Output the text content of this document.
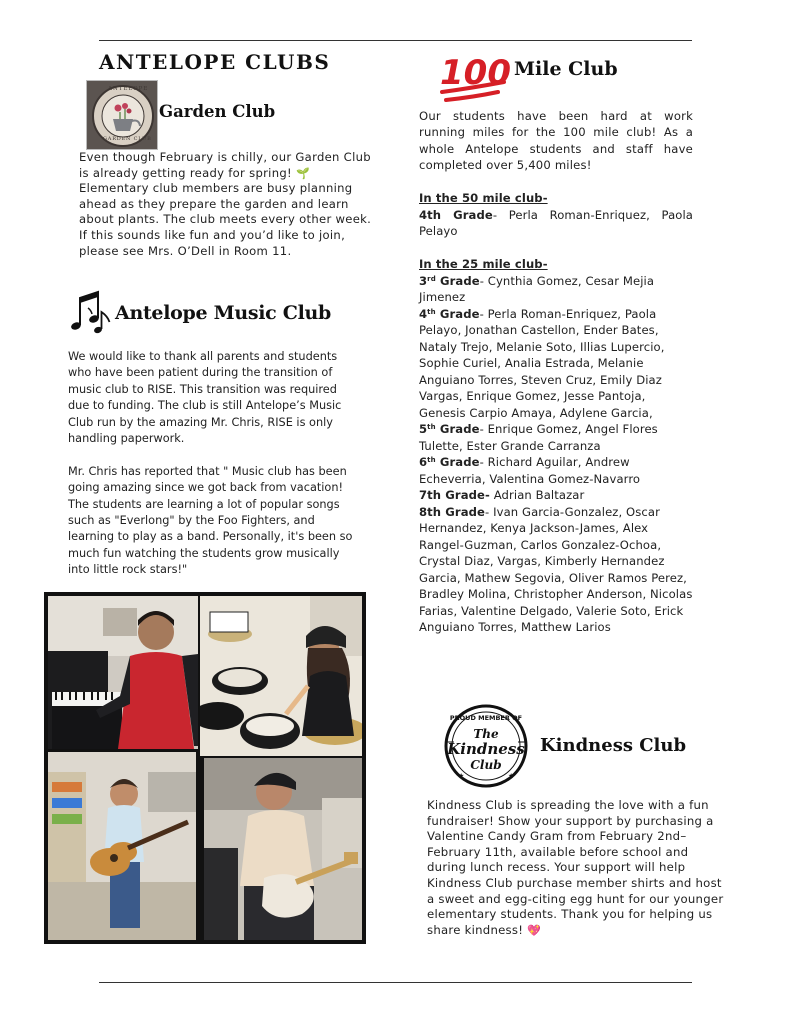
ANTELOPE CLUBS
ANTELOPE
GARDEN CLUB
Garden Club

Even though February is chilly, our Garden Club is already getting ready for spring! 🌱 Elementary club members are busy planning ahead as they prepare the garden and learn about plants. The club meets every other week. If this sounds like fun and you’d like to join, please see Mrs. O’Dell in Room 11.

Antelope Music Club

We would like to thank all parents and students who have been patient during the transition of music club to RISE. This transition was required due to funding. The club is still Antelope’s Music Club run by the amazing Mr. Chris, RISE is only handling paperwork.

Mr. Chris has reported that " Music club has been going amazing since we got back from vacation! The students are learning a lot of popular songs such as "Everlong" by the Foo Fighters, and learning to play as a band. Personally, it's been so much fun watching the students grow musically into little rock stars!"

100 Mile Club

Our students have been hard at work running miles for the 100 mile club! As a whole Antelope students and staff have completed over 5,400 miles!

In the 50 mile club-
4th Grade- Perla Roman-Enriquez, Paola Pelayo
In the 25 mile club-
3rd Grade- Cynthia Gomez, Cesar Mejia Jimenez
4th Grade- Perla Roman-Enriquez, Paola Pelayo, Jonathan Castellon, Ender Bates, Nataly Trejo, Melanie Soto, Illias Lupercio, Sophie Curiel, Analia Estrada, Melanie Anguiano Torres, Steven Cruz, Emily Diaz Vargas, Enrique Gomez, Jesse Pantoja, Genesis Carpio Amaya, Adylene Garcia,
5th Grade- Enrique Gomez, Angel Flores Tulette, Ester Grande Carranza
6th Grade- Richard Aguilar, Andrew Echeverria, Valentina Gomez-Navarro
7th Grade- Adrian Baltazar
8th Grade- Ivan Garcia-Gonzalez, Oscar Hernandez, Kenya Jackson-James, Alex Rangel-Guzman, Carlos Gonzalez-Ochoa, Crystal Diaz, Vargas, Kimberly Hernandez Garcia, Mathew Segovia, Oliver Ramos Perez, Bradley Molina, Christopher Anderson, Nicolas Farias, Valentine Delgado, Valerie Soto, Erick Anguiano Torres, Matthew Larios
PROUD MEMBER OF
The
Kindness
Club
★	★
Kindness Club

Kindness Club is spreading the love with a fun fundraiser! Show your support by purchasing a Valentine Candy Gram from February 2nd–February 11th, available before school and during lunch recess. Your support will help Kindness Club purchase member shirts and host a sweet and egg-citing egg hunt for our younger elementary students. Thank you for helping us share kindness! 💖
